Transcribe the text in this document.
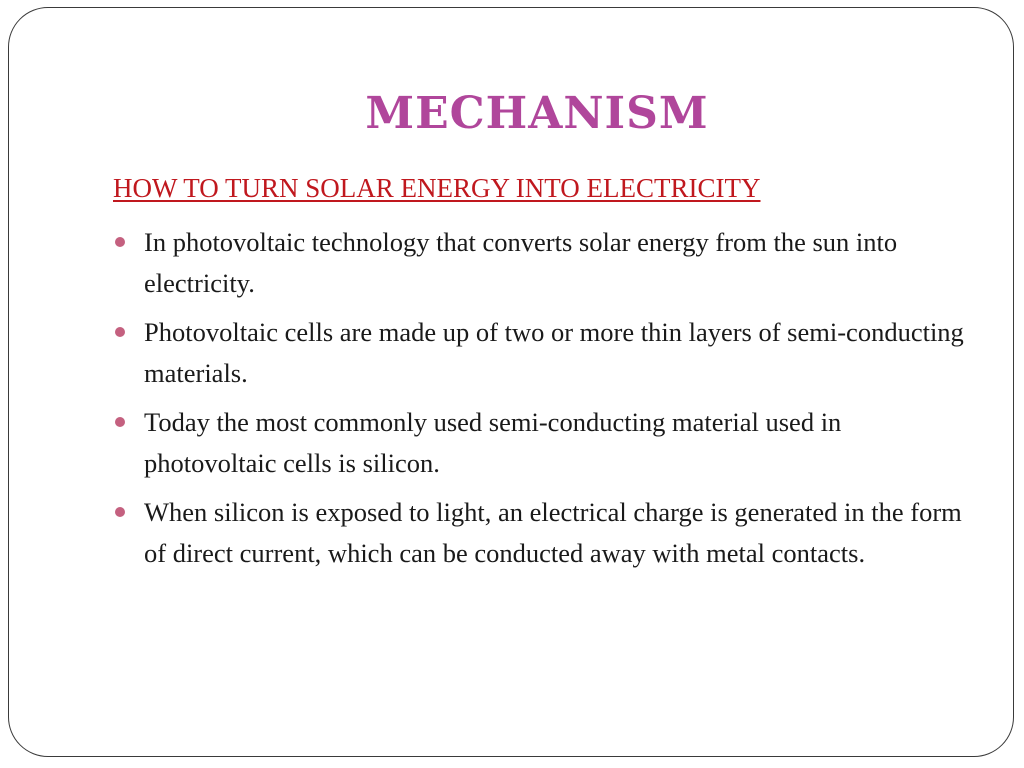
MECHANISM
HOW TO TURN SOLAR ENERGY INTO ELECTRICITY
In photovoltaic technology that converts solar energy from the sun into electricity.
Photovoltaic cells are made up of two or more thin layers of semi-conducting materials.
Today the most commonly used semi-conducting material used in photovoltaic cells is silicon.
When silicon is exposed to light, an electrical charge is generated in the form of direct current, which can be conducted away with metal contacts.
